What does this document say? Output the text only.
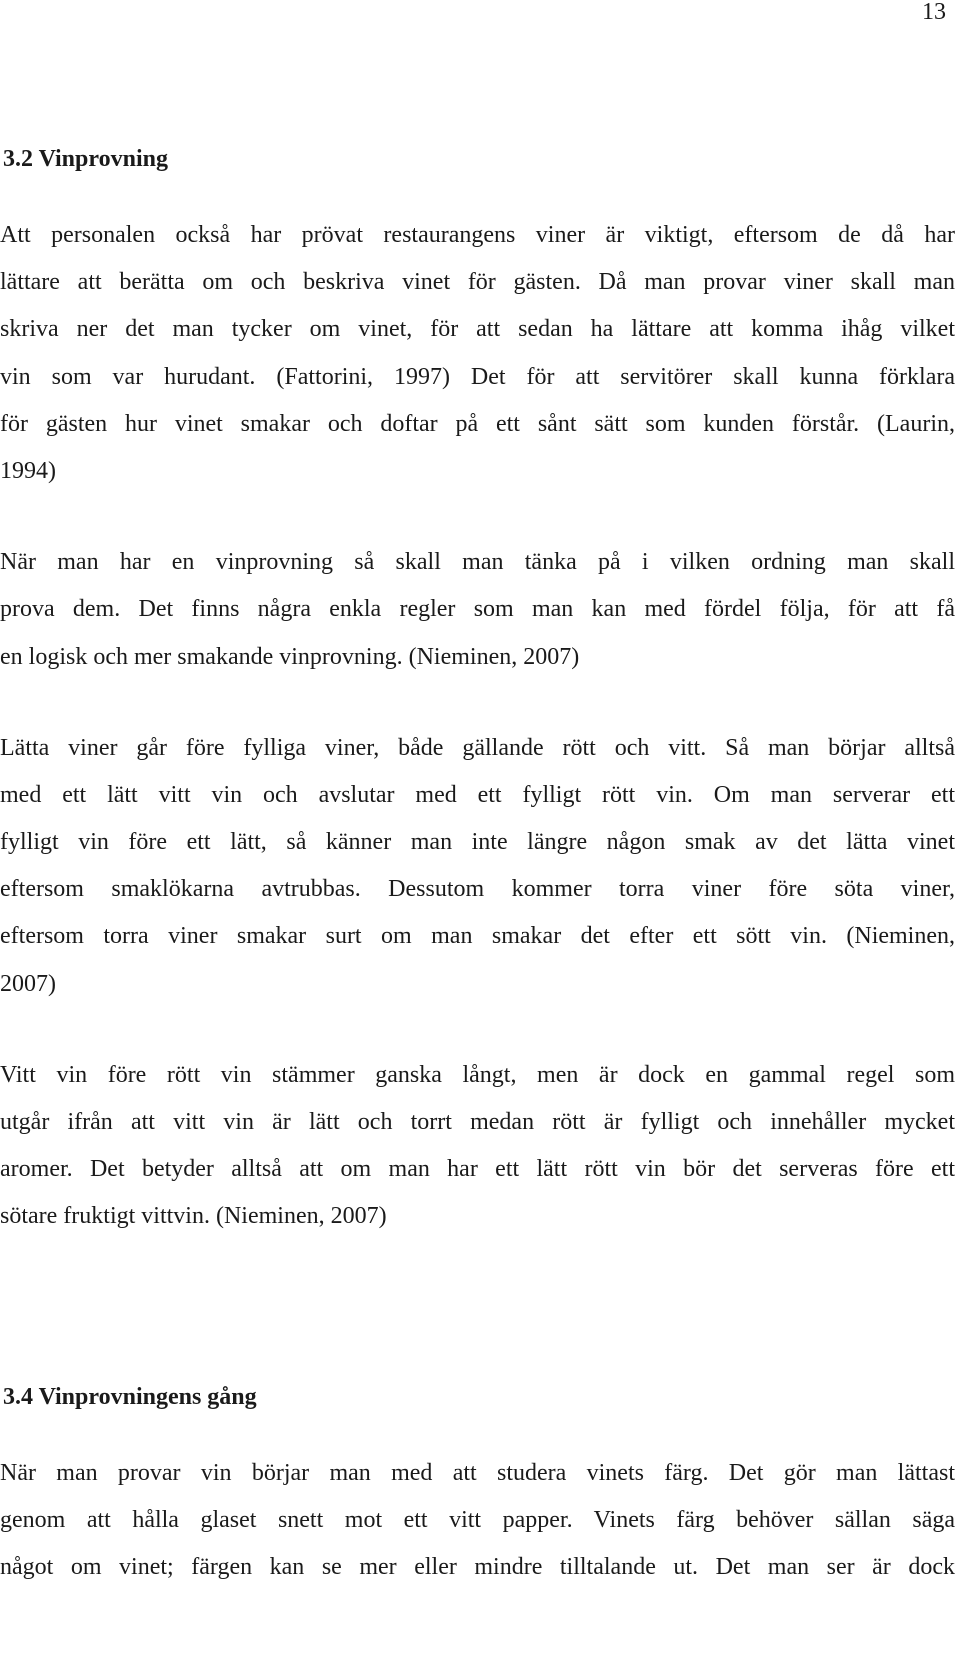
13
3.2 Vinprovning

Att personalen också har prövat restaurangens viner är viktigt, eftersom de då har
lättare att berätta om och beskriva vinet för gästen. Då man provar viner skall man
skriva ner det man tycker om vinet, för att sedan ha lättare att komma ihåg vilket
vin som var hurudant. (Fattorini, 1997) Det för att servitörer skall kunna förklara
för gästen hur vinet smakar och doftar på ett sånt sätt som kunden förstår. (Laurin,
1994)

När man har en vinprovning så skall man tänka på i vilken ordning man skall
prova dem. Det finns några enkla regler som man kan med fördel följa, för att få
en logisk och mer smakande vinprovning. (Nieminen, 2007)

Lätta viner går före fylliga viner, både gällande rött och vitt. Så man börjar alltså
med ett lätt vitt vin och avslutar med ett fylligt rött vin. Om man serverar ett
fylligt vin före ett lätt, så känner man inte längre någon smak av det lätta vinet
eftersom smaklökarna avtrubbas. Dessutom kommer torra viner före söta viner,
eftersom torra viner smakar surt om man smakar det efter ett sött vin. (Nieminen,
2007)

Vitt vin före rött vin stämmer ganska långt, men är dock en gammal regel som
utgår ifrån att vitt vin är lätt och torrt medan rött är fylligt och innehåller mycket
aromer. Det betyder alltså att om man har ett lätt rött vin bör det serveras före ett
sötare fruktigt vittvin. (Nieminen, 2007)

3.4 Vinprovningens gång

När man provar vin börjar man med att studera vinets färg. Det gör man lättast
genom att hålla glaset snett mot ett vitt papper. Vinets färg behöver sällan säga
något om vinet; färgen kan se mer eller mindre tilltalande ut. Det man ser är dock
